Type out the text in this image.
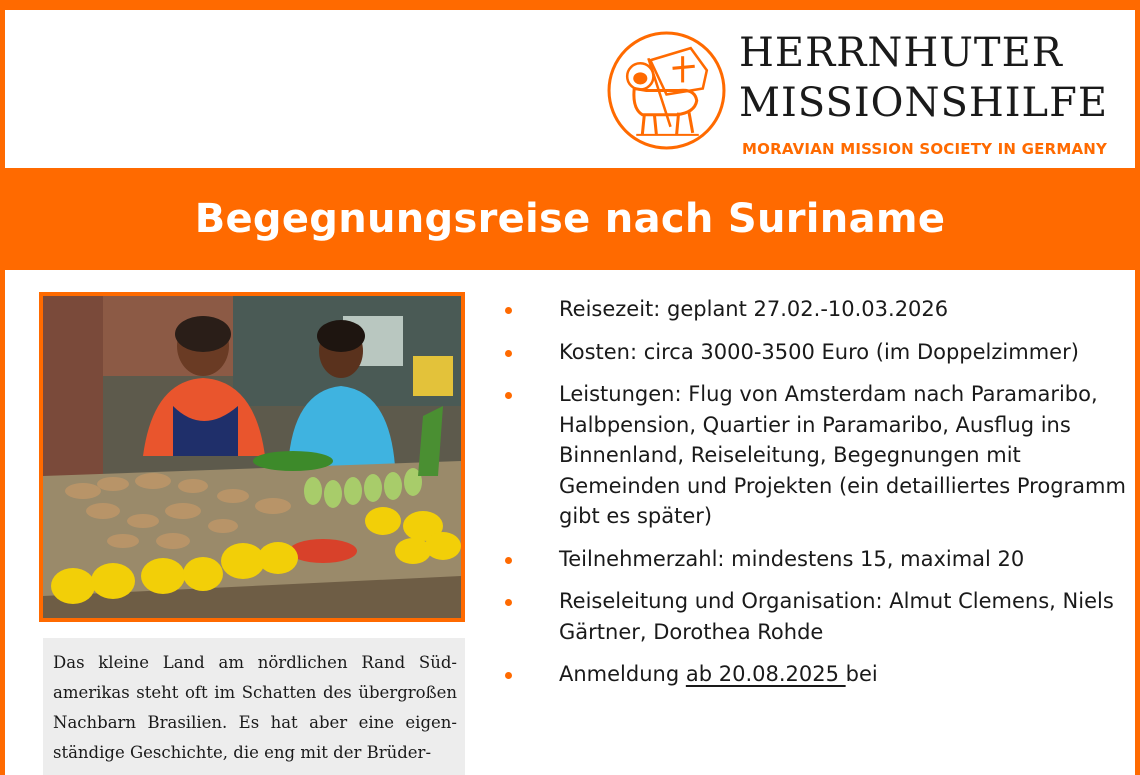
HERRNHUTER
MISSIONSHILFE
MORAVIAN MISSION SOCIETY IN GERMANY
Begegnungsreise nach Suriname

Das kleine Land am nördlichen Rand Süd-amerikas steht oft im Schatten des übergroßen Nachbarn Brasilien. Es hat aber eine eigen-ständige Geschichte, die eng mit der Brüder-

Reisezeit: geplant 27.02.-10.03.2026
Kosten: circa 3000-3500 Euro (im Doppelzimmer)
Leistungen: Flug von Amsterdam nach Paramaribo, Halbpension, Quartier in Paramaribo, Ausflug ins Binnenland, Reiseleitung, Begegnungen mit Gemeinden und Projekten (ein detailliertes Programm gibt es später)
Teilnehmerzahl: mindestens 15, maximal 20
Reiseleitung und Organisation: Almut Clemens, Niels Gärtner, Dorothea Rohde
Anmeldung ab 20.08.2025 bei
